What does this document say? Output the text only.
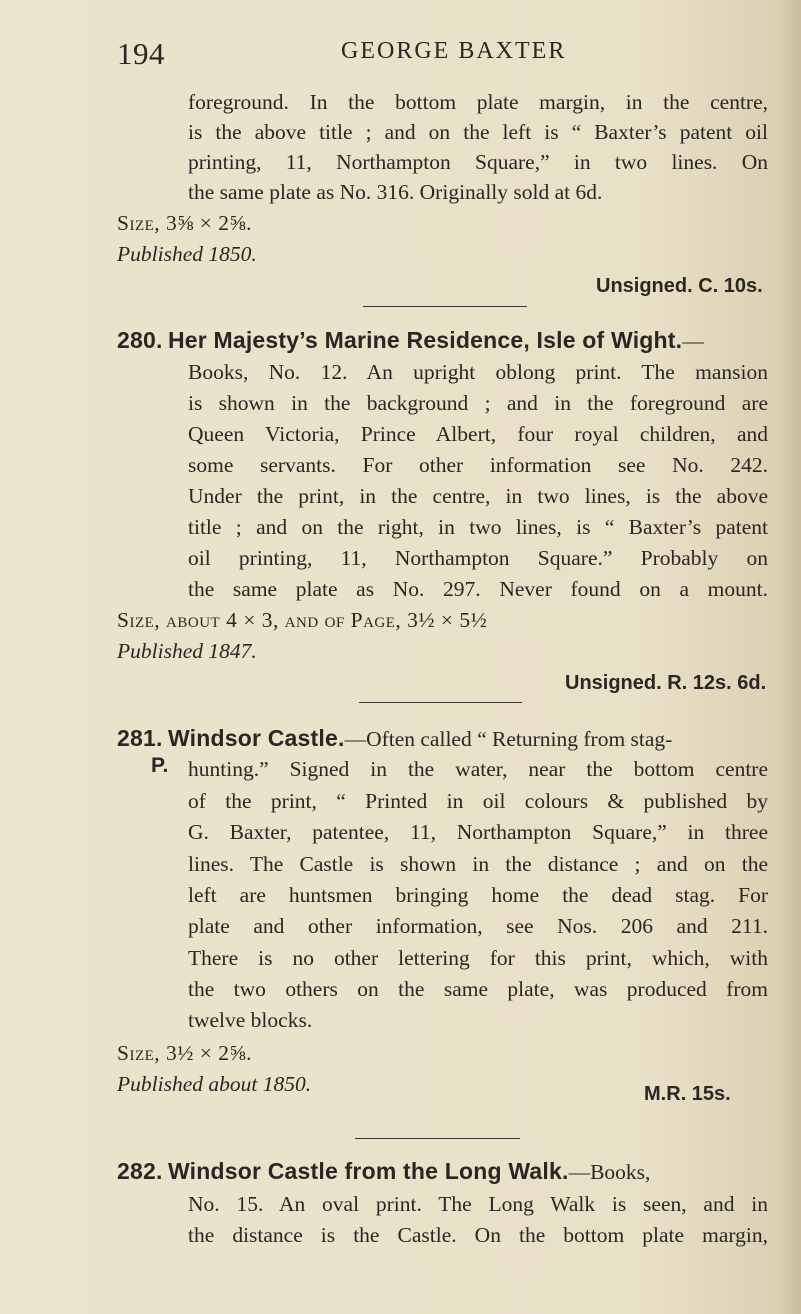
194	GEORGE BAXTER
foreground. In the bottom plate margin, in the centre,
is the above title ; and on the left is “ Baxter’s patent oil
printing, 11, Northampton Square,” in two lines. On
the same plate as No. 316. Originally sold at 6d.
Size, 3⅝ × 2⅝.
Published 1850.
Unsigned. C. 10s.
280. Her Majesty’s Marine Residence, Isle of Wight.—
Books, No. 12. An upright oblong print. The mansion
is shown in the background ; and in the foreground are
Queen Victoria, Prince Albert, four royal children, and
some servants. For other information see No. 242.
Under the print, in the centre, in two lines, is the above
title ; and on the right, in two lines, is “ Baxter’s patent
oil printing, 11, Northampton Square.” Probably on
the same plate as No. 297. Never found on a mount.
Size, about 4 × 3, and of Page, 3½ × 5½
Published 1847.
Unsigned. R. 12s. 6d.
281. Windsor Castle.—Often called “ Returning from stag-
P. hunting.” Signed in the water, near the bottom centre
of the print, “ Printed in oil colours & published by
G. Baxter, patentee, 11, Northampton Square,” in three
lines. The Castle is shown in the distance ; and on the
left are huntsmen bringing home the dead stag. For
plate and other information, see Nos. 206 and 211.
There is no other lettering for this print, which, with
the two others on the same plate, was produced from
twelve blocks.
Size, 3½ × 2⅝.
Published about 1850.	M.R. 15s.
282. Windsor Castle from the Long Walk.—Books,
No. 15. An oval print. The Long Walk is seen, and in
the distance is the Castle. On the bottom plate margin,
